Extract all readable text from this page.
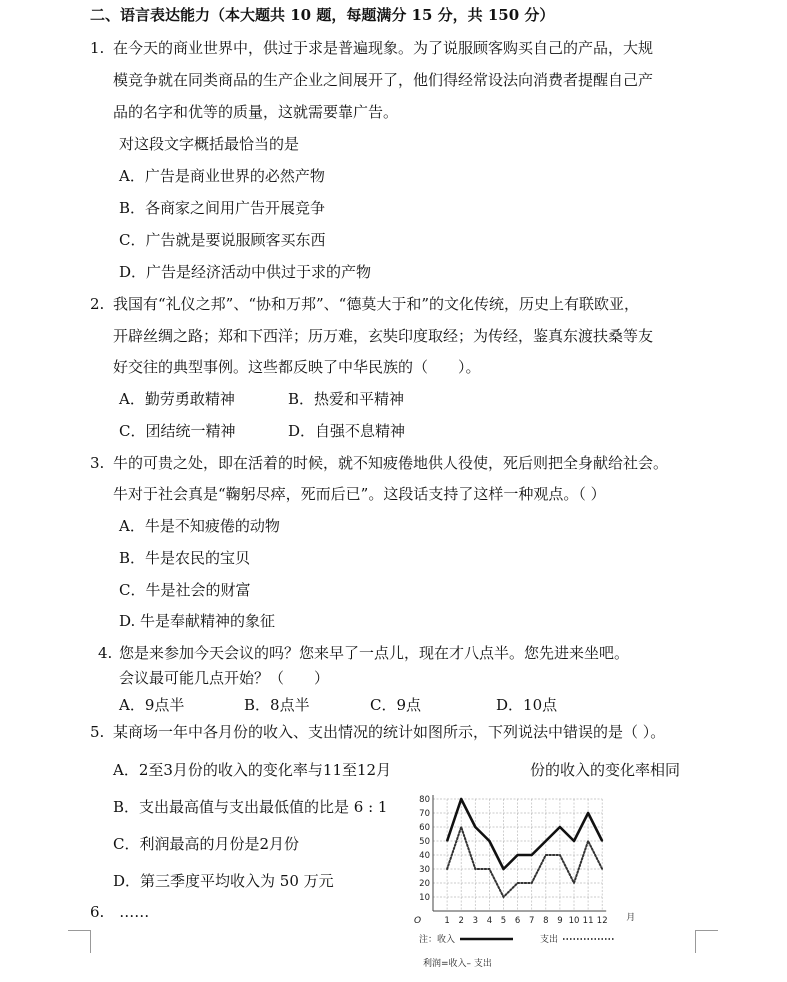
二、语言表达能力（本大题共 10 题，每题满分 15 分，共 150 分）
1. 在今天的商业世界中，供过于求是普遍现象。为了说服顾客购买自己的产品，大规
模竞争就在同类商品的生产企业之间展开了，他们得经常设法向消费者提醒自己产
品的名字和优等的质量，这就需要靠广告。
对这段文字概括最恰当的是
A．广告是商业世界的必然产物
B．各商家之间用广告开展竞争
C．广告就是要说服顾客买东西
D．广告是经济活动中供过于求的产物
2. 我国有“礼仪之邦”、“协和万邦”、“德莫大于和”的文化传统，历史上有联欧亚，
开辟丝绸之路；郑和下西洋；历万难，玄奘印度取经；为传经，鉴真东渡扶桑等友
好交往的典型事例。这些都反映了中华民族的（　　）。
A．勤劳勇敢精神	B．热爱和平精神
C．团结统一精神	D．自强不息精神
3. 牛的可贵之处，即在活着的时候，就不知疲倦地供人役使，死后则把全身献给社会。
牛对于社会真是“鞠躬尽瘁，死而后已”。这段话支持了这样一种观点。（ ）
A．牛是不知疲倦的动物
B．牛是农民的宝贝
C．牛是社会的财富
D. 牛是奉献精神的象征
4. 您是来参加今天会议的吗？您来早了一点儿，现在才八点半。您先进来坐吧。
会议最可能几点开始？（　　）
A．9点半	B．8点半	C．9点	D．10点
5. 某商场一年中各月份的收入、支出情况的统计如图所示，下列说法中错误的是（ ）。
A．2至3月份的收入的变化率与11至12月	份的收入的变化率相同
B．支出最高值与支出最低值的比是 6 : 1
C．利润最高的月份是2月份
D．第三季度平均收入为 50 万元
6.　……
10
20
30
40
50
60
70
80
1 2 3 4 5 6 7 8 9 10 11 12
O	月
注： 收入	支出
利润=收入– 支出
